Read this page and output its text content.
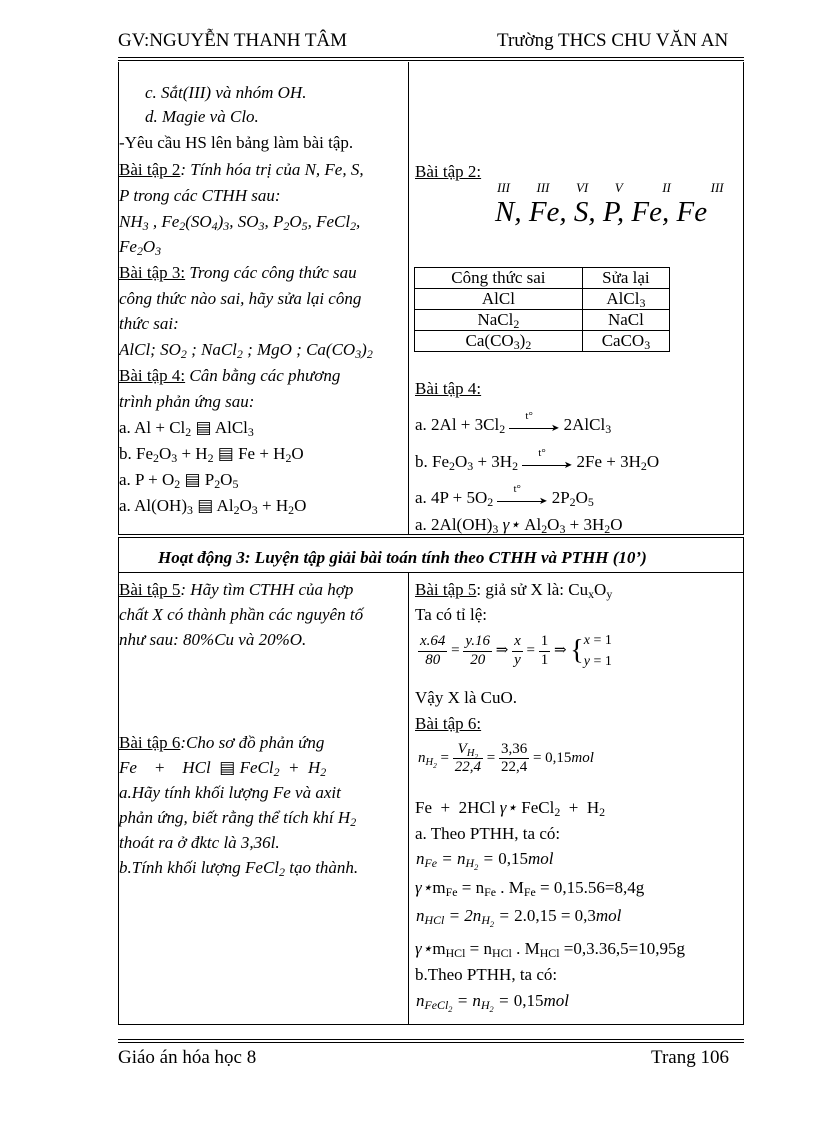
GV:NGUYỄN THANH TÂM	Trường THCS CHU VĂN AN
c. Sắt(III) và nhóm OH.
d. Magie và Clo.
-Yêu cầu HS lên bảng làm bài tập.
Bài tập 2: Tính hóa trị của N, Fe, S,
P trong các CTHH sau:
$NH_3$ , $Fe_2(SO_4)_3$, $SO_3$, $P_2O_5$, FeCl$_2$,
$Fe_2O_3$
Bài tập 3: Trong các công thức sau
công thức nào sai, hãy sửa lại công
thức sai:
AlCl; $SO_2$ ; NaCl$_2$ ; MgO ; $Ca(CO_3)_2$
Bài tập 4: Cân bằng các phương
trình phản ứng sau:
a. $Al + Cl_2$ ▤ AlCl$_3$
b. $Fe_2O_3 + H_2$ ▤ $Fe + H_2O$
a. $P + O_2$ ▤ $P_2O_5$
a. $Al(OH)_3$ ▤ $Al_2O_3 + H_2O$
Bài tập 2:
III  III  VI  V   II   III
N, Fe, S, P, Fe, Fe
Công thức sai	Sửa lại
AlCl	AlCl$_3$
NaCl$_2$	NaCl
$Ca(CO_3)_2$	CaCO$_3$
Bài tập 4:
a. $2Al + 3Cl_2$
t°
➤ 2AlCl$_3$
b. $Fe_2O_3 + 3H_2$
t°
➤ $2Fe + 3H_2O$
a. $4P + 5O_2$
t°
➤ $2P_2O_5$
a. $2Al(OH)_3$ γ⋆ $Al_2O_3 + 3H_2O$
Hoạt động 3: Luyện tập giải bài toán tính theo CTHH và PTHH (10’)
Bài tập 5: Hãy tìm CTHH của hợp
chất X có thành phần các nguyên tố
như sau: 80%Cu và 20%O.
Bài tập 6:Cho sơ đồ phản ứng
Fe    +    HCl  ▤ FeCl$_2$  +  $H_2$
a.Hãy tính khối lượng Fe và axit
phản ứng, biết rằng thể tích khí $H_2$
thoát ra ở đktc là 3,36l.
b.Tính khối lượng FeCl$_2$ tạo thành.
Bài tập 5: giả sử X là: $Cu_xO_y$
Ta có tỉ lệ:
$\frac{x.64}{80} = \frac{y.16}{20}$ ⇒ $\frac{x}{y} = \frac{1}{1}$ ⇒ {x = 1
y = 1
Vậy X là CuO.
Bài tập 6:
$n_{H_2} = \frac{V_{H_2}}{22,4} = \frac{3,36}{22,4} = 0,15mol$
Fe  +  2HCl γ⋆ FeCl$_2$  +  $H_2$
a. Theo PTHH, ta có:
$n_{Fe} = n_{H_2} = 0,15mol$
$\gamma⋆m_{Fe} = n_{Fe}$ . $M_{Fe} = 0,15.56=8,4g$
$n_{HCl} = 2n_{H_2} = 2.0,15 = 0,3mol$
$\gamma⋆m_{HCl} = n_{HCl}$ . $M_{HCl} =0,3.36,5=10,95g$
b.Theo PTHH, ta có:
$n_{FeCl_2} = n_{H_2} = 0,15mol$
Giáo án hóa học 8	Trang 106
